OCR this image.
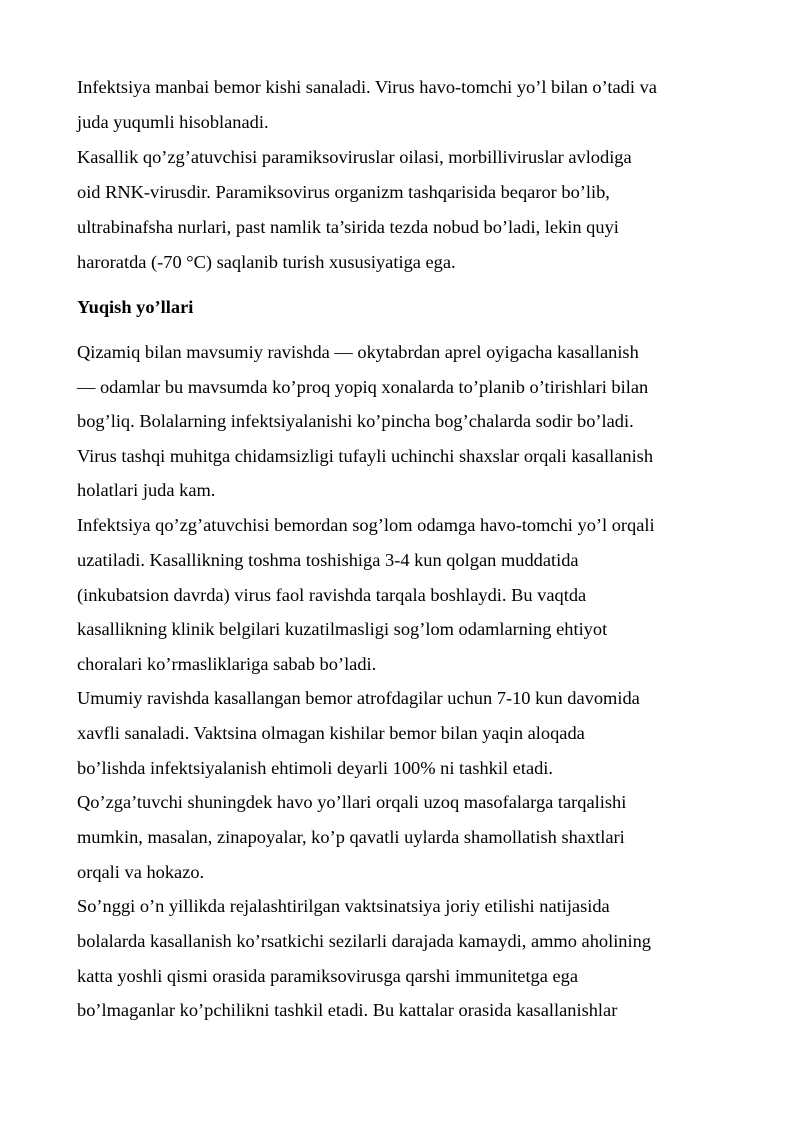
Infektsiya manbai bemor kishi sanaladi. Virus havo-tomchi yo’l bilan o’tadi va
juda yuqumli hisoblanadi.
Kasallik qo’zg’atuvchisi paramiksoviruslar oilasi, morbilliviruslar avlodiga
oid RNK-virusdir. Paramiksovirus organizm tashqarisida beqaror bo’lib,
ultrabinafsha nurlari, past namlik ta’sirida tezda nobud bo’ladi, lekin quyi
haroratda (-70 °C) saqlanib turish xususiyatiga ega.
Yuqish yo’llari
Qizamiq bilan mavsumiy ravishda — okytabrdan aprel oyigacha kasallanish
— odamlar bu mavsumda ko’proq yopiq xonalarda to’planib o’tirishlari bilan
bog’liq. Bolalarning infektsiyalanishi ko’pincha bog’chalarda sodir bo’ladi.
Virus tashqi muhitga chidamsizligi tufayli uchinchi shaxslar orqali kasallanish
holatlari juda kam.
Infektsiya qo’zg’atuvchisi bemordan sog’lom odamga havo-tomchi yo’l orqali
uzatiladi. Kasallikning toshma toshishiga 3-4 kun qolgan muddatida
(inkubatsion davrda) virus faol ravishda tarqala boshlaydi. Bu vaqtda
kasallikning klinik belgilari kuzatilmasligi sog’lom odamlarning ehtiyot
choralari ko’rmasliklariga sabab bo’ladi.
Umumiy ravishda kasallangan bemor atrofdagilar uchun 7-10 kun davomida
xavfli sanaladi. Vaktsina olmagan kishilar bemor bilan yaqin aloqada
bo’lishda infektsiyalanish ehtimoli deyarli 100% ni tashkil etadi.
Qo’zga’tuvchi shuningdek havo yo’llari orqali uzoq masofalarga tarqalishi
mumkin, masalan, zinapoyalar, ko’p qavatli uylarda shamollatish shaxtlari
orqali va hokazo.
So’nggi o’n yillikda rejalashtirilgan vaktsinatsiya joriy etilishi natijasida
bolalarda kasallanish ko’rsatkichi sezilarli darajada kamaydi, ammo aholining
katta yoshli qismi orasida paramiksovirusga qarshi immunitetga ega
bo’lmaganlar ko’pchilikni tashkil etadi. Bu kattalar orasida kasallanishlar
